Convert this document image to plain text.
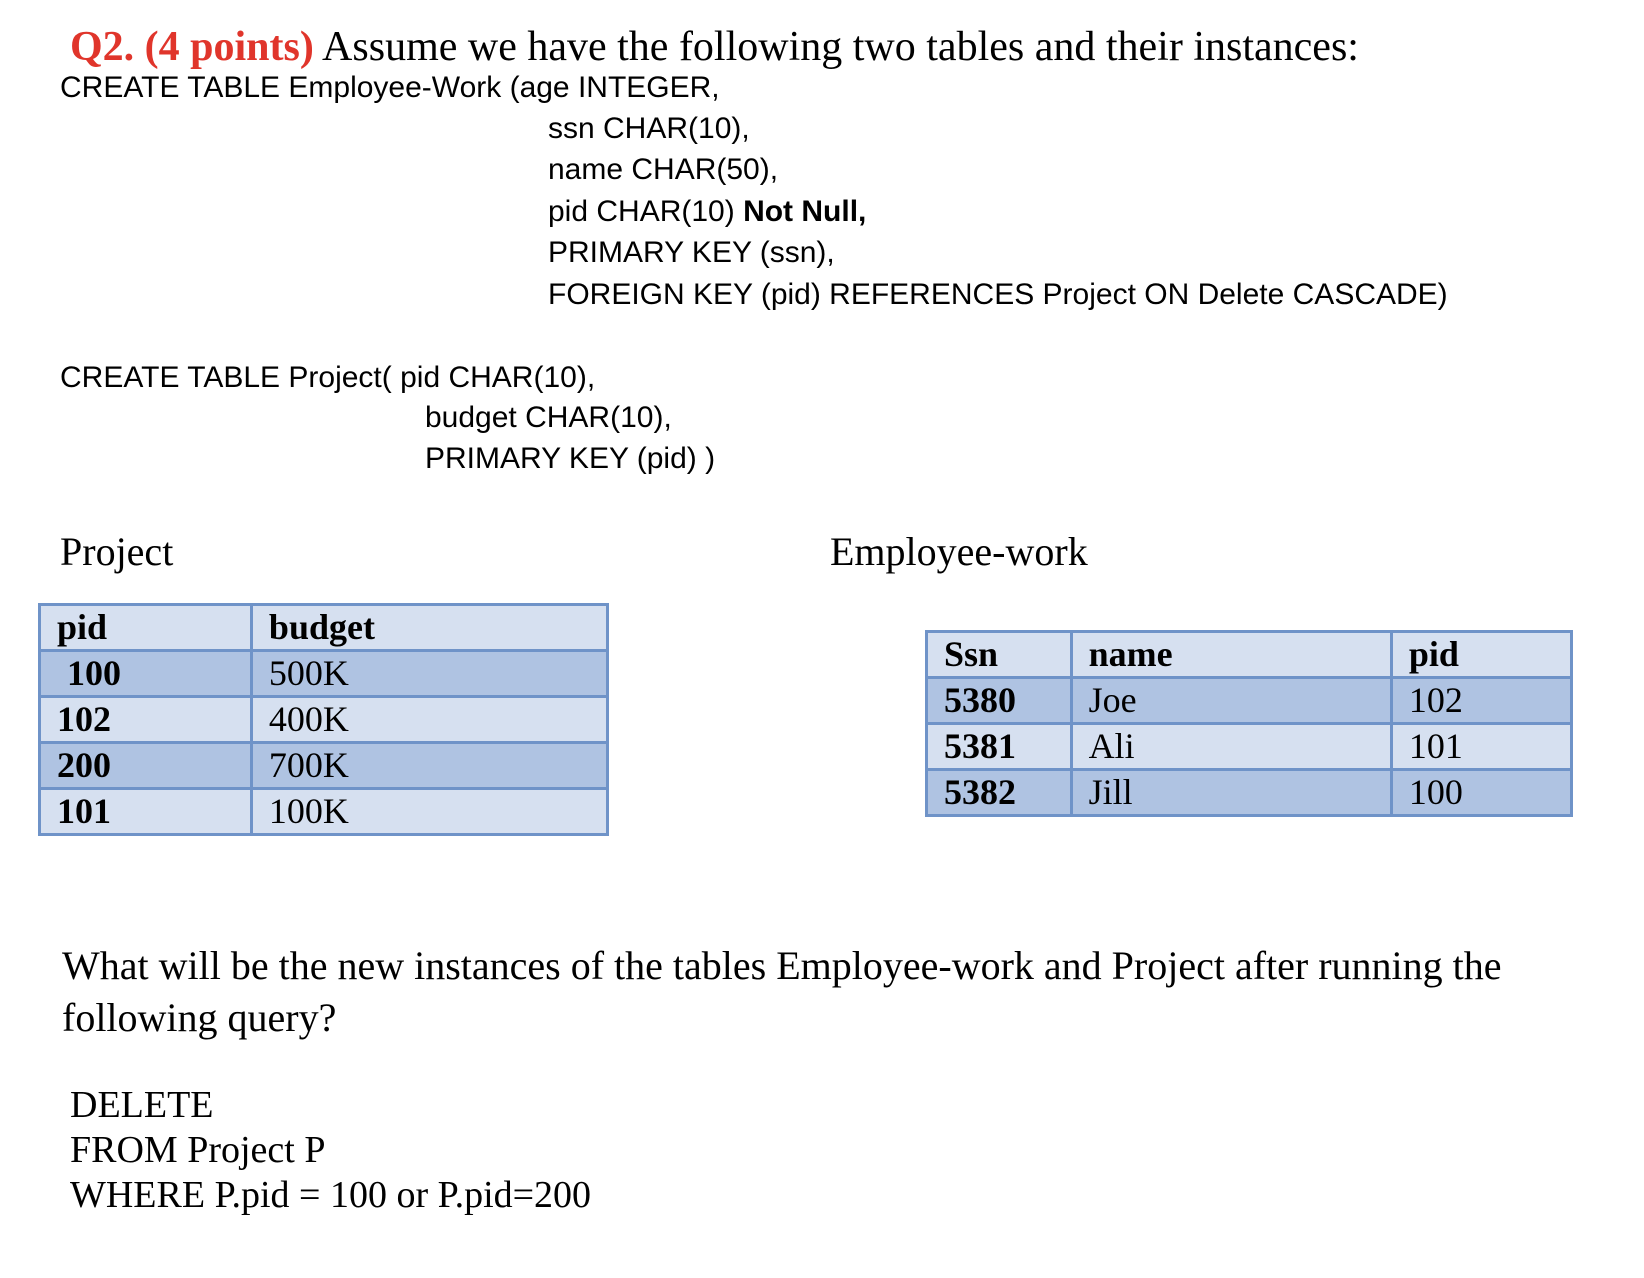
Q2. (4 points) Assume we have the following two tables and their instances:
CREATE TABLE Employee-Work (age INTEGER,
ssn CHAR(10),
name CHAR(50),
pid CHAR(10) Not Null,
PRIMARY KEY (ssn),
FOREIGN KEY (pid) REFERENCES Project ON Delete CASCADE)
CREATE TABLE Project( pid CHAR(10),
budget CHAR(10),
PRIMARY KEY (pid) )
Project	Employee-work
pid	budget
100	500K
102	400K
200	700K
101	100K
Ssn	name	pid
5380	Joe	102
5381	Ali	101
5382	Jill	100
What will be the new instances of the tables Employee-work and Project after running the following query?
DELETE
FROM Project P
WHERE P.pid = 100 or P.pid=200
